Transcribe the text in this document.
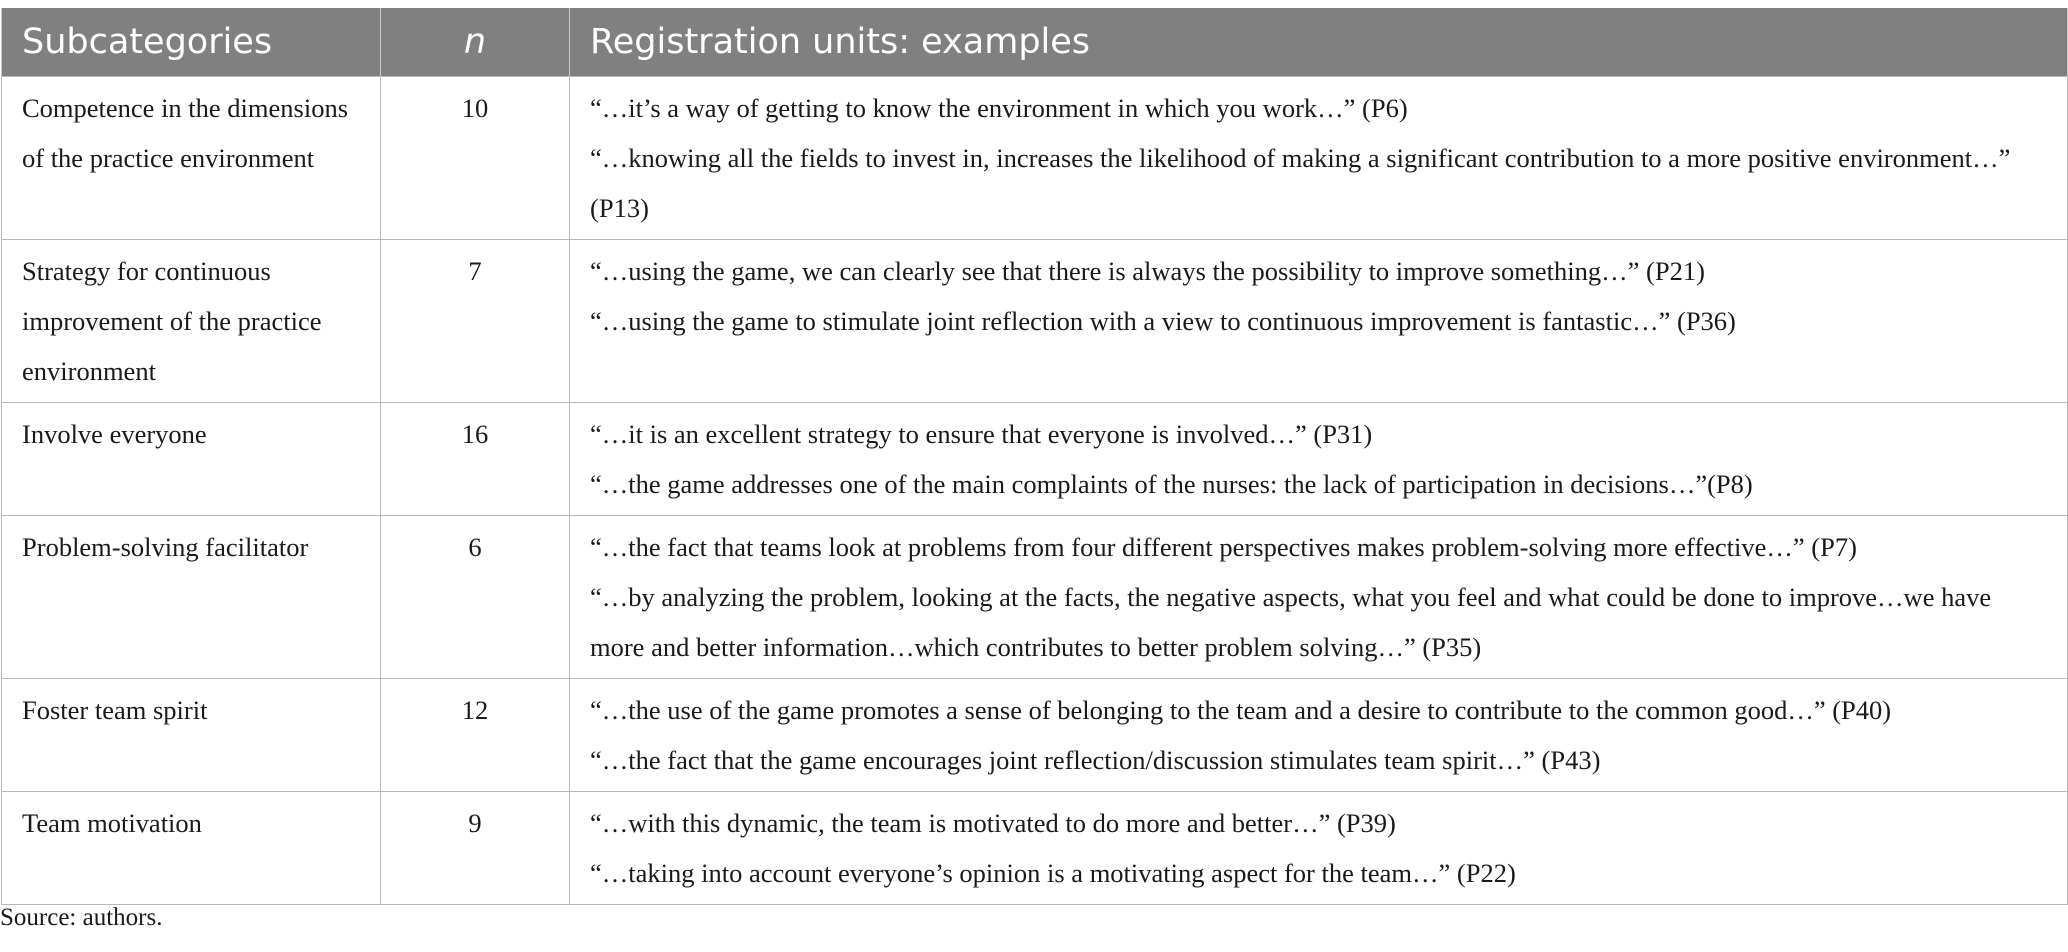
Subcategories	n	Registration units: examples
Competence in the dimensions of the practice environment	10	“…it’s a way of getting to know the environment in which you work…” (P6)
“…knowing all the fields to invest in, increases the likelihood of making a significant contribution to a more positive environment…” (P13)

Strategy for continuous improvement of the practice environment	7	“…using the game, we can clearly see that there is always the possibility to improve something…” (P21)
“…using the game to stimulate joint reflection with a view to continuous improvement is fantastic…” (P36)

Involve everyone	16	“…it is an excellent strategy to ensure that everyone is involved…” (P31)
“…the game addresses one of the main complaints of the nurses: the lack of participation in decisions…”(P8)

Problem-solving facilitator	6	“…the fact that teams look at problems from four different perspectives makes problem-solving more effective…” (P7)
“…by analyzing the problem, looking at the facts, the negative aspects, what you feel and what could be done to improve…we have more and better information…which contributes to better problem solving…” (P35)

Foster team spirit	12	“…the use of the game promotes a sense of belonging to the team and a desire to contribute to the common good…” (P40)
“…the fact that the game encourages joint reflection/discussion stimulates team spirit…” (P43)

Team motivation	9	“…with this dynamic, the team is motivated to do more and better…” (P39)
“…taking into account everyone’s opinion is a motivating aspect for the team…” (P22)
Source: authors.
